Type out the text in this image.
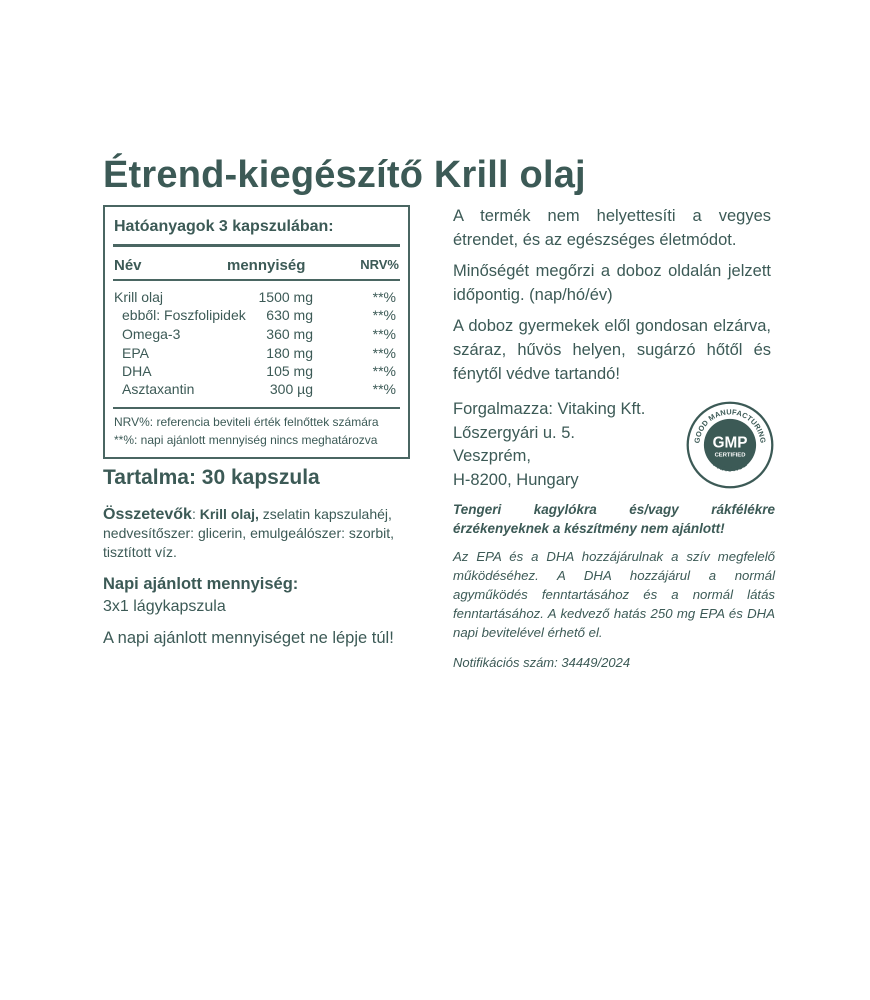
Étrend-kiegészítő Krill olaj
Hatóanyagok 3 kapszulában:
Név	mennyiség	NRV%
Krill olaj	1500 mg	**%
ebből: Foszfolipidek 630 mg	**%
Omega-3	360 mg	**%
EPA	180 mg	**%
DHA	105 mg	**%
Asztaxantin	300 µg	**%
NRV%: referencia beviteli érték felnőttek számára
**%: napi ajánlott mennyiség nincs meghatározva
Tartalma: 30 kapszula
Összetevők: Krill olaj, zselatin kapszulahéj, nedvesítőszer: glicerin, emulgeálószer: szorbit, tisztított víz.
Napi ajánlott mennyiség:
3x1 lágykapszula
A napi ajánlott mennyiséget ne lépje túl!
A termék nem helyettesíti a vegyes étrendet, és az egészséges életmódot.
Minőségét megőrzi a doboz oldalán jelzett időpontig. (nap/hó/év)
A doboz gyermekek elől gondosan elzárva, száraz, hűvös helyen, sugárzó hőtől és fénytől védve tartandó!
Forgalmazza: Vitaking Kft.
Lőszergyári u. 5.
Veszprém,
H-8200, Hungary
GOOD MANUFACTURING
PRACTICE
GMP
CERTIFIED
Tengeri kagylókra és/vagy rákfélékre érzékenyeknek a készítmény nem ajánlott!
Az EPA és a DHA hozzájárulnak a szív megfelelő működéséhez. A DHA hozzájárul a normál agyműködés fenntartásához és a normál látás fenntartásához. A kedvező hatás 250 mg EPA és DHA napi bevitelével érhető el.
Notifikációs szám: 34449/2024
